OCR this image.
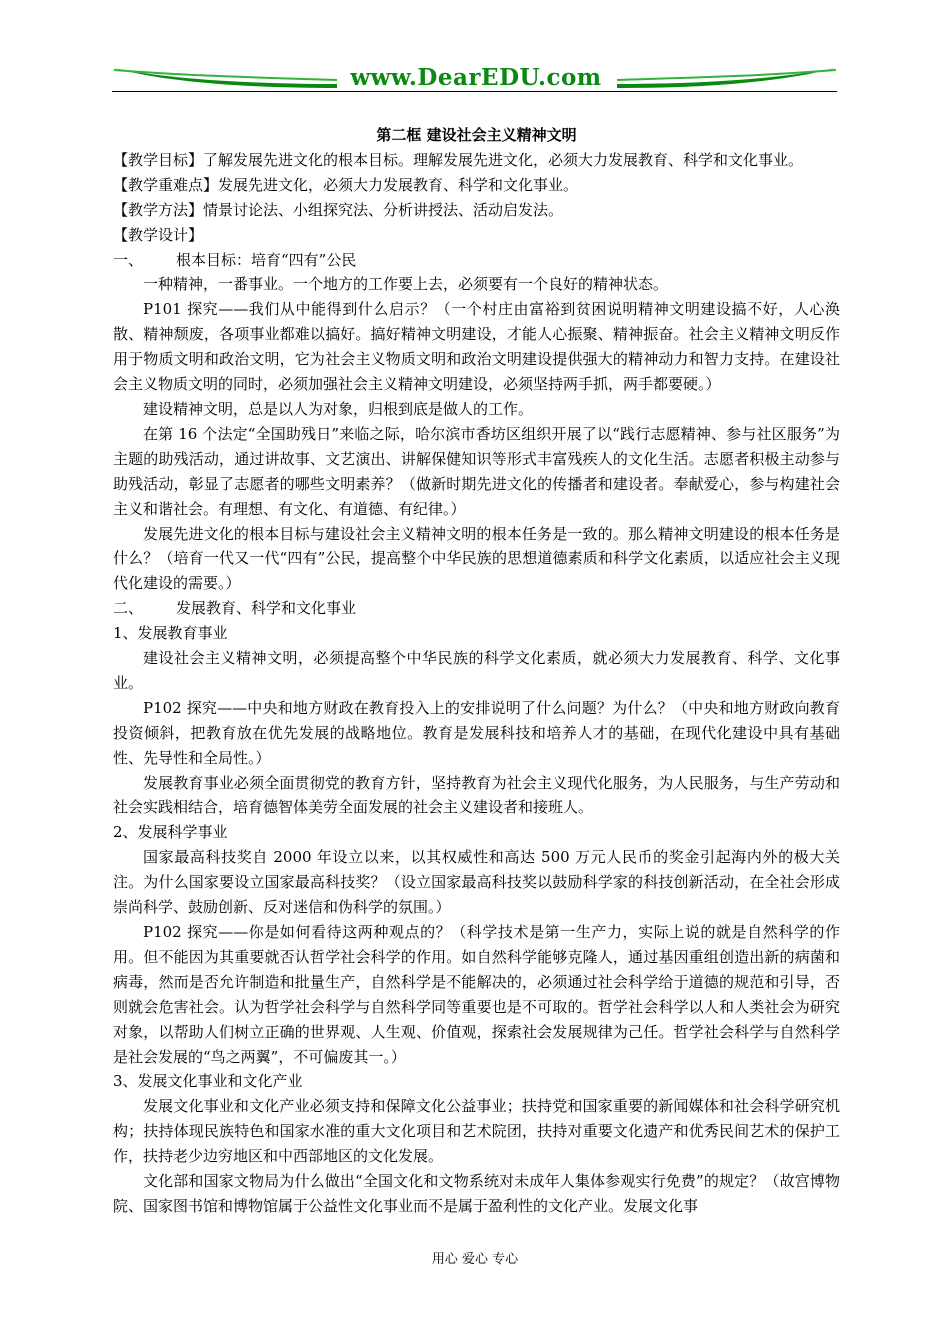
www.DearEDU.com
第二框 建设社会主义精神文明

【教学目标】了解发展先进文化的根本目标。理解发展先进文化，必须大力发展教育、科学和文化事业。

【教学重难点】发展先进文化，必须大力发展教育、科学和文化事业。

【教学方法】情景讨论法、小组探究法、分析讲授法、活动启发法。

【教学设计】

一、 根本目标：培育“四有”公民

一种精神，一番事业。一个地方的工作要上去，必须要有一个良好的精神状态。

P101 探究——我们从中能得到什么启示？（一个村庄由富裕到贫困说明精神文明建设搞不好，人心涣散、精神颓废，各项事业都难以搞好。搞好精神文明建设，才能人心振聚、精神振奋。社会主义精神文明反作用于物质文明和政治文明，它为社会主义物质文明和政治文明建设提供强大的精神动力和智力支持。在建设社会主义物质文明的同时，必须加强社会主义精神文明建设，必须坚持两手抓，两手都要硬。）

建设精神文明，总是以人为对象，归根到底是做人的工作。

在第 16 个法定“全国助残日”来临之际，哈尔滨市香坊区组织开展了以“践行志愿精神、参与社区服务”为主题的助残活动，通过讲故事、文艺演出、讲解保健知识等形式丰富残疾人的文化生活。志愿者积极主动参与助残活动，彰显了志愿者的哪些文明素养？（做新时期先进文化的传播者和建设者。奉献爱心，参与构建社会主义和谐社会。有理想、有文化、有道德、有纪律。）

发展先进文化的根本目标与建设社会主义精神文明的根本任务是一致的。那么精神文明建设的根本任务是什么？（培育一代又一代“四有”公民，提高整个中华民族的思想道德素质和科学文化素质，以适应社会主义现代化建设的需要。）

二、 发展教育、科学和文化事业

1、发展教育事业

建设社会主义精神文明，必须提高整个中华民族的科学文化素质，就必须大力发展教育、科学、文化事业。

P102 探究——中央和地方财政在教育投入上的安排说明了什么问题？为什么？（中央和地方财政向教育投资倾斜，把教育放在优先发展的战略地位。教育是发展科技和培养人才的基础，在现代化建设中具有基础性、先导性和全局性。）

发展教育事业必须全面贯彻党的教育方针，坚持教育为社会主义现代化服务，为人民服务，与生产劳动和社会实践相结合，培育德智体美劳全面发展的社会主义建设者和接班人。

2、发展科学事业

国家最高科技奖自 2000 年设立以来，以其权威性和高达 500 万元人民币的奖金引起海内外的极大关注。为什么国家要设立国家最高科技奖？（设立国家最高科技奖以鼓励科学家的科技创新活动，在全社会形成崇尚科学、鼓励创新、反对迷信和伪科学的氛围。）

P102 探究——你是如何看待这两种观点的？（科学技术是第一生产力，实际上说的就是自然科学的作用。但不能因为其重要就否认哲学社会科学的作用。如自然科学能够克隆人，通过基因重组创造出新的病菌和病毒，然而是否允许制造和批量生产，自然科学是不能解决的，必须通过社会科学给于道德的规范和引导，否则就会危害社会。认为哲学社会科学与自然科学同等重要也是不可取的。哲学社会科学以人和人类社会为研究对象，以帮助人们树立正确的世界观、人生观、价值观，探索社会发展规律为己任。哲学社会科学与自然科学是社会发展的“鸟之两翼”，不可偏废其一。）

3、发展文化事业和文化产业

发展文化事业和文化产业必须支持和保障文化公益事业；扶持党和国家重要的新闻媒体和社会科学研究机构；扶持体现民族特色和国家水准的重大文化项目和艺术院团，扶持对重要文化遗产和优秀民间艺术的保护工作，扶持老少边穷地区和中西部地区的文化发展。

文化部和国家文物局为什么做出“全国文化和文物系统对未成年人集体参观实行免费”的规定？（故宫博物院、国家图书馆和博物馆属于公益性文化事业而不是属于盈利性的文化产业。发展文化事

用心 爱心 专心
